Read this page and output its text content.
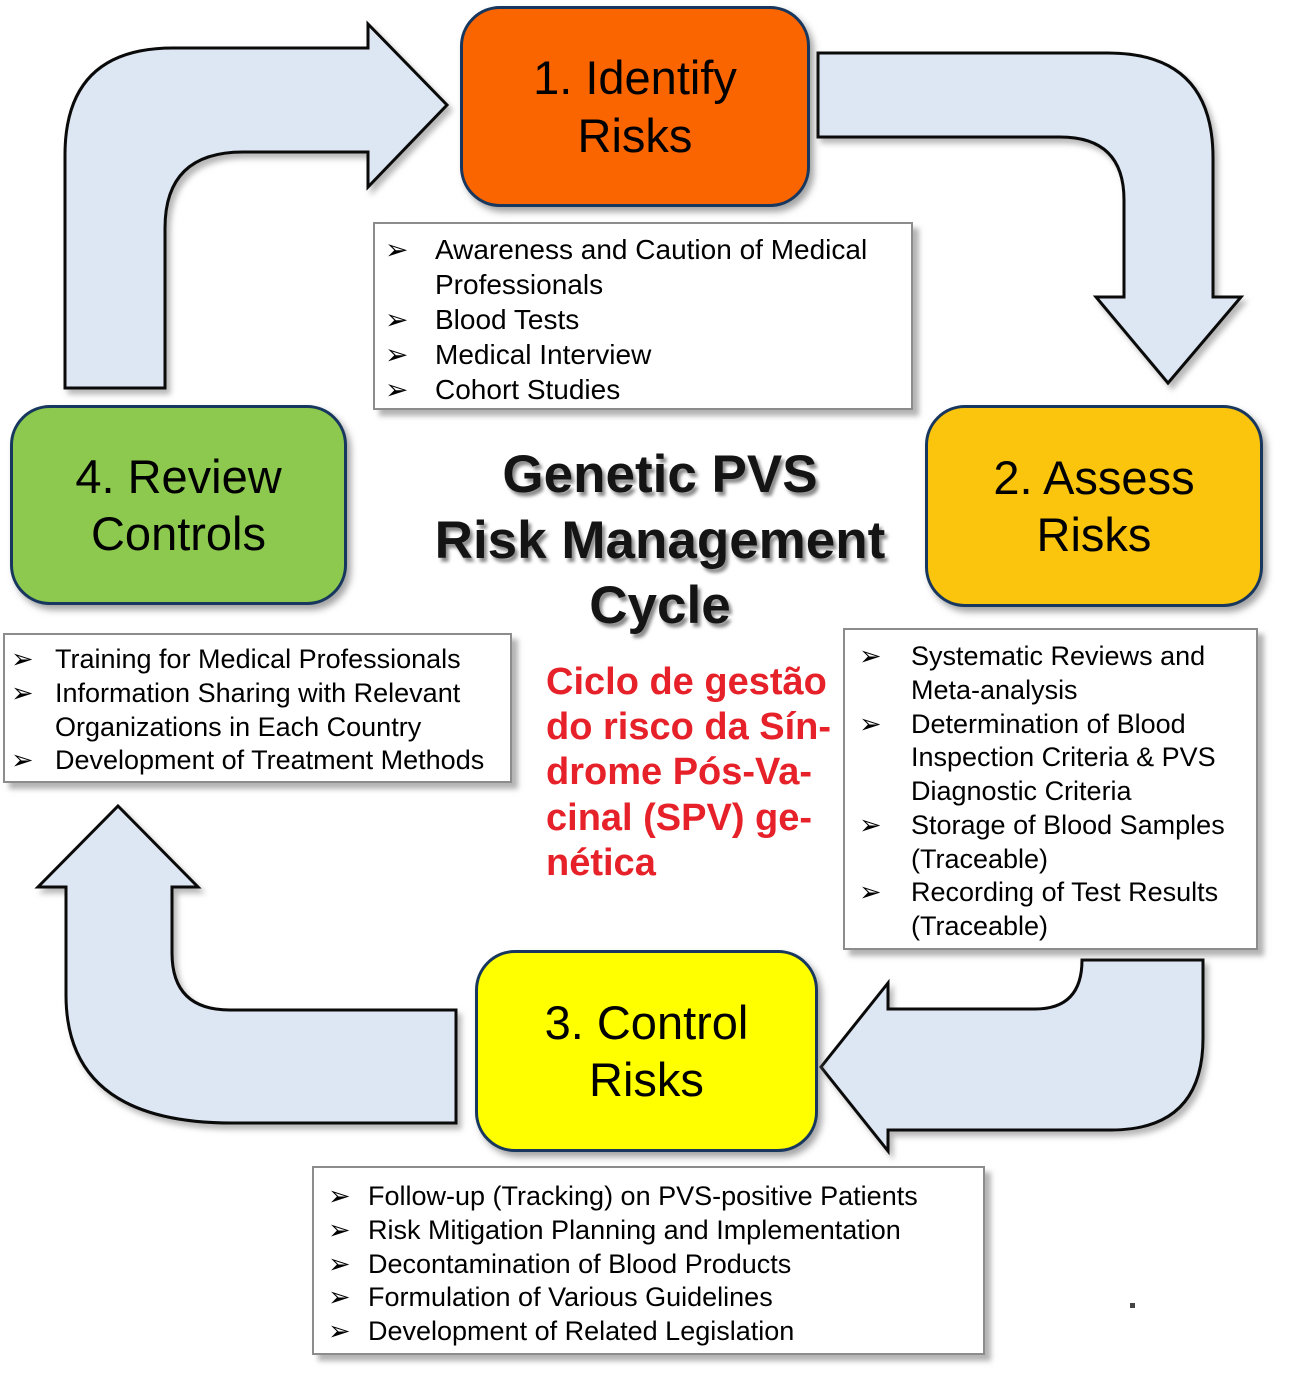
➢ Awareness and Caution of Medical Professionals
➢ Blood Tests
➢ Medical Interview
➢ Cohort Studies
➢ Systematic Reviews and Meta-analysis
➢ Determination of Blood Inspection Criteria & PVS Diagnostic Criteria
➢ Storage of Blood Samples (Traceable)
➢ Recording of Test Results (Traceable)
➢ Training for Medical Professionals
➢ Information Sharing with Relevant Organizations in Each Country
➢ Development of Treatment Methods
➢ Follow-up (Tracking) on PVS-positive Patients
➢ Risk Mitigation Planning and Implementation
➢ Decontamination of Blood Products
➢ Formulation of Various Guidelines
➢ Development of Related Legislation
1. Identify
Risks
2. Assess
Risks
3. Control
Risks
4. Review
Controls
Genetic PVS
Risk Management
Cycle
Ciclo de gestão
do risco da Sín-
drome Pós-Va-
cinal (SPV) ge-
nética
